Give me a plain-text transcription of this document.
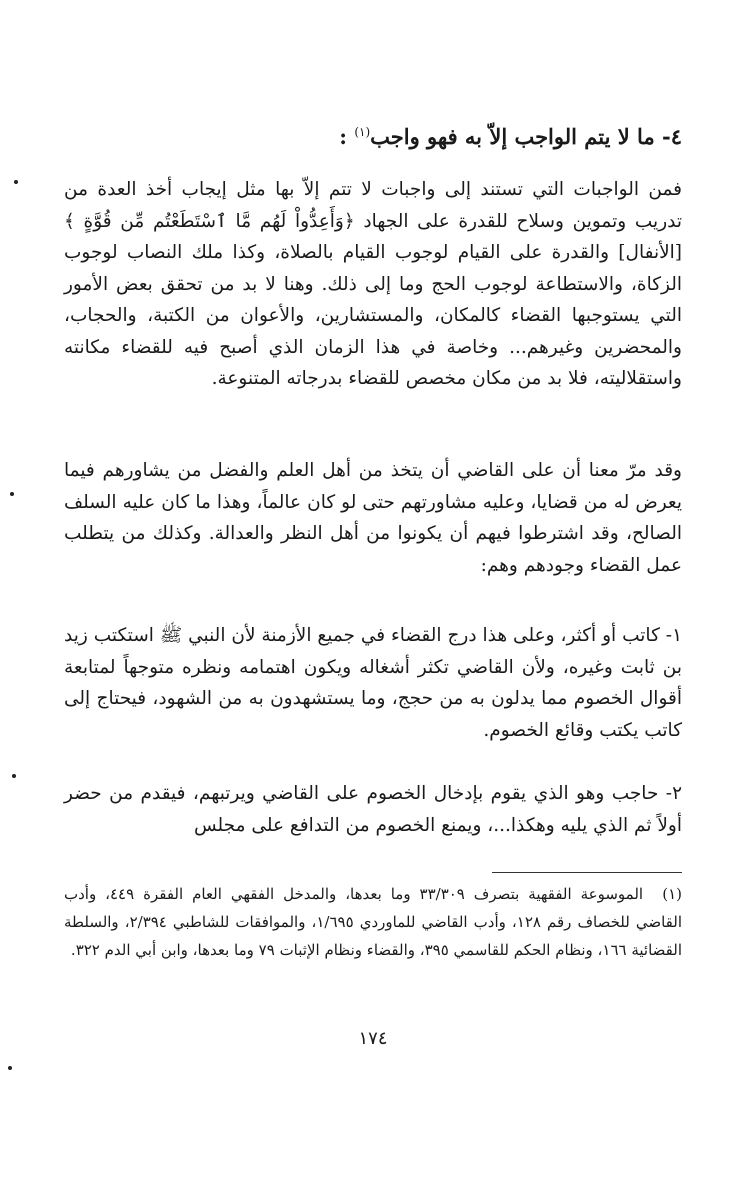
٤- ما لا يتم الواجب إلاّ به فهو واجب$^{(١)}$ :
فمن الواجبات التي تستند إلى واجبات لا تتم إلاّ بها مثل إيجاب أخذ العدة من تدريب وتموين وسلاح للقدرة على الجهاد ﴿وَأَعِدُّواْ لَهُم مَّا ٱسْتَطَعْتُم مِّن قُوَّةٍ ﴾ [الأنفال] والقدرة على القيام لوجوب القيام بالصلاة، وكذا ملك النصاب لوجوب الزكاة، والاستطاعة لوجوب الحج وما إلى ذلك. وهنا لا بد من تحقق بعض الأمور التي يستوجبها القضاء كالمكان، والمستشارين، والأعوان من الكتبة، والحجاب، والمحضرين وغيرهم... وخاصة في هذا الزمان الذي أصبح فيه للقضاء مكانته واستقلاليته، فلا بد من مكان مخصص للقضاء بدرجاته المتنوعة.
وقد مرّ معنا أن على القاضي أن يتخذ من أهل العلم والفضل من يشاورهم فيما يعرض له من قضايا، وعليه مشاورتهم حتى لو كان عالماً، وهذا ما كان عليه السلف الصالح، وقد اشترطوا فيهم أن يكونوا من أهل النظر والعدالة. وكذلك من يتطلب عمل القضاء وجودهم وهم:
١- كاتب أو أكثر، وعلى هذا درج القضاء في جميع الأزمنة لأن النبي ﷺ استكتب زيد بن ثابت وغيره، ولأن القاضي تكثر أشغاله ويكون اهتمامه ونظره متوجهاً لمتابعة أقوال الخصوم مما يدلون به من حجج، وما يستشهدون به من الشهود، فيحتاج إلى كاتب يكتب وقائع الخصوم.
٢- حاجب وهو الذي يقوم بإدخال الخصوم على القاضي ويرتبهم، فيقدم من حضر أولاً ثم الذي يليه وهكذا...، ويمنع الخصوم من التدافع على مجلس
(١) الموسوعة الفقهية بتصرف ٣٣/٣٠٩ وما بعدها، والمدخل الفقهي العام الفقرة ٤٤٩، وأدب القاضي للخصاف رقم ١٢٨، وأدب القاضي للماوردي ١/٦٩٥، والموافقات للشاطبي ٢/٣٩٤، والسلطة القضائية ١٦٦، ونظام الحكم للقاسمي ٣٩٥، والقضاء ونظام الإثبات ٧٩ وما بعدها، وابن أبي الدم ٣٢٢.
١٧٤
